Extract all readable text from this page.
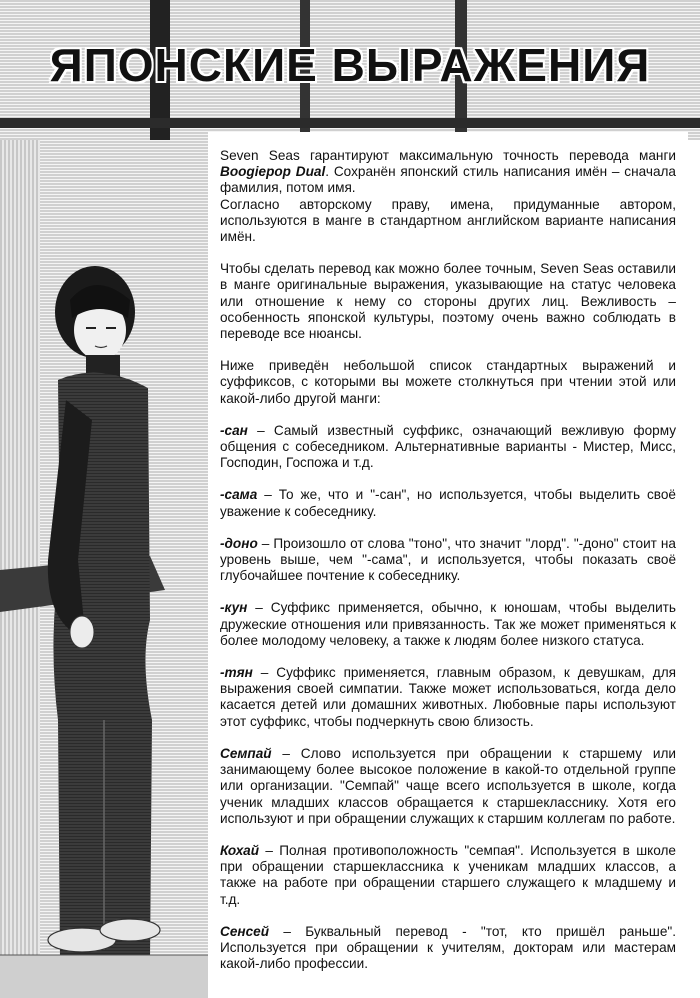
ЯПОНСКИЕ ВЫРАЖЕНИЯ

Seven Seas гарантируют максимальную точность перевода манги Boogiepop Dual. Сохранён японский стиль написания имён – сначала фамилия, потом имя.
Согласно авторскому праву, имена, придуманные автором, используются в манге в стандартном английском варианте написания имён.

Чтобы сделать перевод как можно более точным, Seven Seas оставили в манге оригинальные выражения, указывающие на статус человека или отношение к нему со стороны других лиц. Вежливость – особенность японской культуры, поэтому очень важно соблюдать в переводе все нюансы.

Ниже приведён небольшой список стандартных выражений и суффиксов, с которыми вы можете столкнуться при чтении этой или какой-либо другой манги:

-сан – Самый известный суффикс, означающий вежливую форму общения с собеседником. Альтернативные варианты - Мистер, Мисс, Господин, Госпожа и т.д.

-сама – То же, что и "-сан", но используется, чтобы выделить своё уважение к собеседнику.

-доно – Произошло от слова "тоно", что значит "лорд". "-доно" стоит на уровень выше, чем "-сама", и используется, чтобы показать своё глубочайшее почтение к собеседнику.

-кун – Суффикс применяется, обычно, к юношам, чтобы выделить дружеские отношения или привязанность. Так же может применяться к более молодому человеку, а также к людям более низкого статуса.

-тян – Суффикс применяется, главным образом, к девушкам, для выражения своей симпатии. Также может использоваться, когда дело касается детей или домашних животных. Любовные пары используют этот суффикс, чтобы подчеркнуть свою близость.

Семпай – Слово используется при обращении к старшему или занимающему более высокое положение в какой-то отдельной группе или организации. "Семпай" чаще всего используется в школе, когда ученик младших классов обращается к старшекласснику. Хотя его используют и при обращении служащих к старшим коллегам по работе.

Кохай – Полная противоположность "семпая". Используется в школе при обращении старшеклассника к ученикам младших классов, а также на работе при обращении старшего служащего к младшему и т.д.

Сенсей – Буквальный перевод - "тот, кто пришёл раньше". Используется при обращении к учителям, докторам или мастерам какой-либо профессии.
